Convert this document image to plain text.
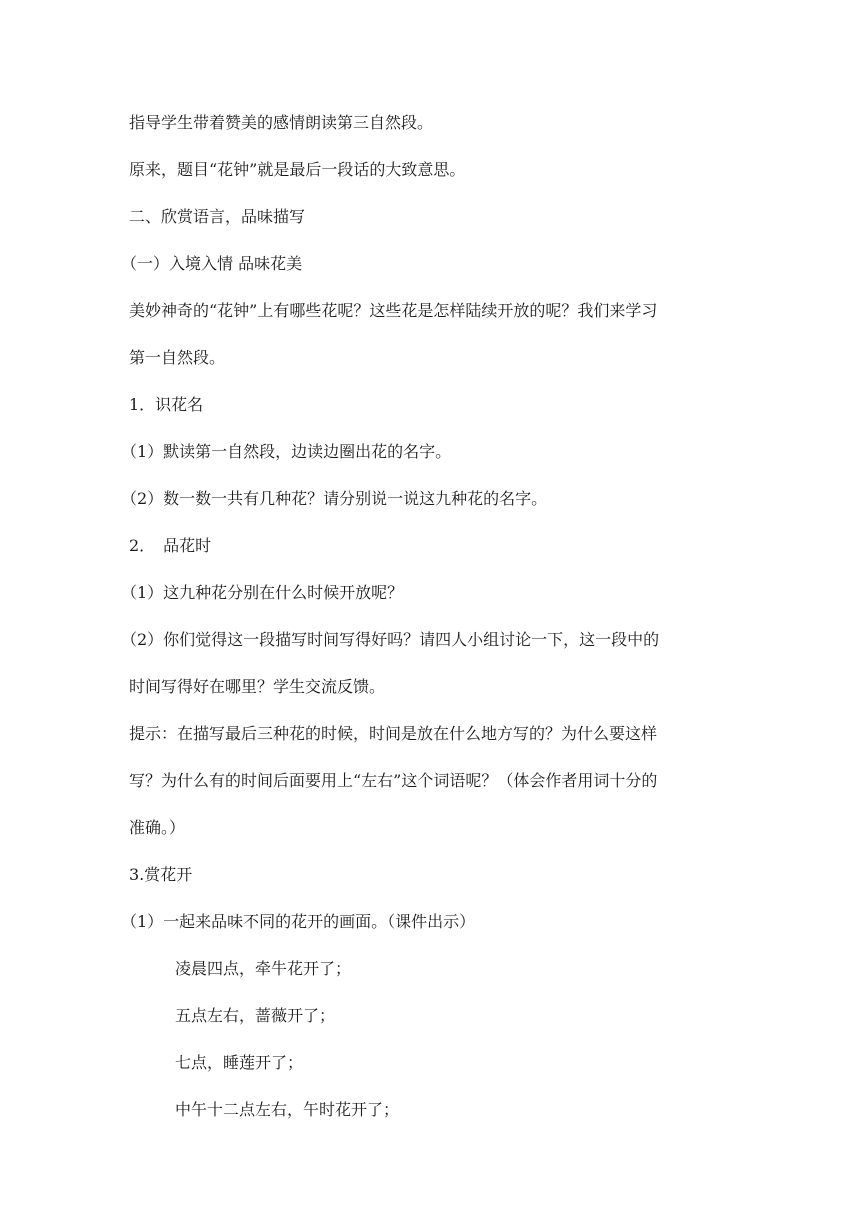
指导学生带着赞美的感情朗读第三自然段。

原来，题目“花钟”就是最后一段话的大致意思。

二、欣赏语言，品味描写

（一）入境入情 品味花美

美妙神奇的“花钟”上有哪些花呢？这些花是怎样陆续开放的呢？我们来学习

第一自然段。

1．识花名

（1）默读第一自然段，边读边圈出花的名字。

（2）数一数一共有几种花？请分别说一说这九种花的名字。

2．　品花时

（1）这九种花分别在什么时候开放呢？

（2）你们觉得这一段描写时间写得好吗？请四人小组讨论一下，这一段中的

时间写得好在哪里？学生交流反馈。

提示：在描写最后三种花的时候，时间是放在什么地方写的？为什么要这样

写？为什么有的时间后面要用上“左右”这个词语呢？（体会作者用词十分的

准确。）

3.赏花开

（1）一起来品味不同的花开的画面。（课件出示）

凌晨四点，牵牛花开了；

五点左右，蔷薇开了；

七点，睡莲开了；

中午十二点左右，午时花开了；
